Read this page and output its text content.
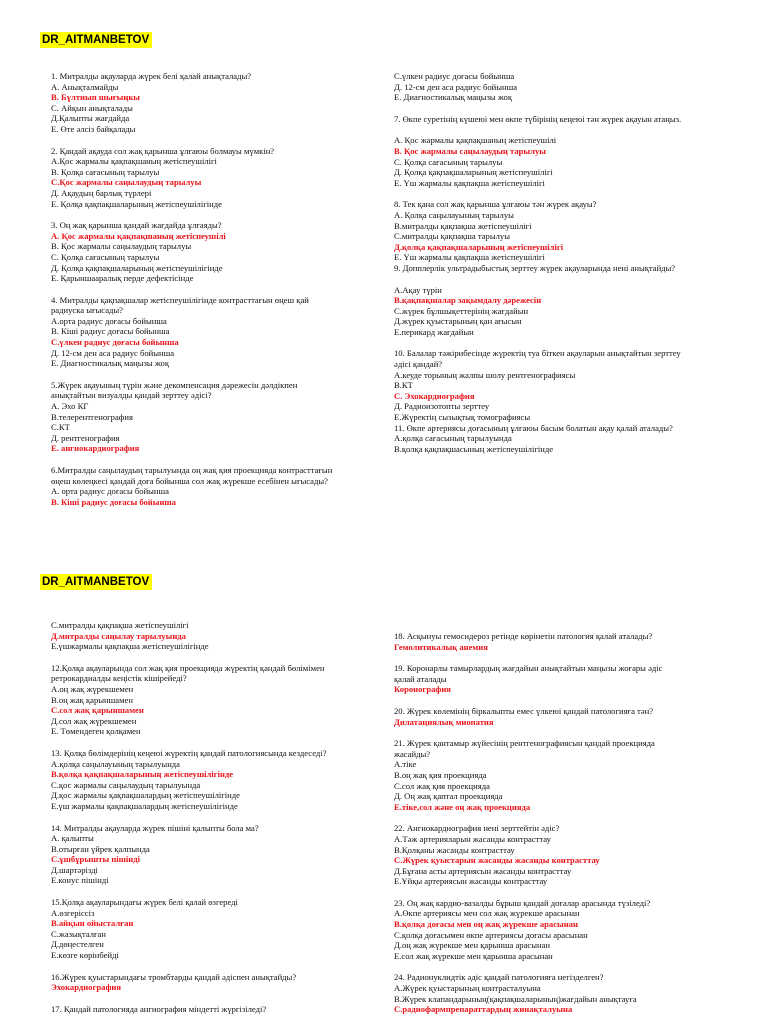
DR_AITMANBETOV
1. Митралды ақауларда жүрек белі қалай анықталады?
A. Анықталмайды
B. Бүлтиып шығыңкы
C. Айқын анықталады
Д.Қалыпты жағдайда
E. Өте әлсіз байқалады
2. Қандай ақауда сол жақ қарынша ұлғаюы болмауы мүмкін?
A.Қос жармалы қақпақшаның жетіспеушілігі
B. Қолқа сағасының тарылуы
C.Қос жармалы саңылаудың тарылуы
Д. Ақаудың барлық түрлері
E. Қолқа қақпақшаларының жетіспеушілігінде
3. Оң жақ қарынша қандай жағдайда ұлғаяды?
A. Қос жармалы қақпақшаның жетіспеушілі
B. Қос жармалы саңылаудың тарылуы
C. Қолқа сағасының тарылуы
Д. Қолқа қақпақшаларының жетіспеушілігінде
E. Қарыншааралық перде дефектісінде
4. Митралды қақпақшалар жетіспеушілігінде контрасттағын өңеш қай
радиуска ығысады?
A.орта радиус доғасы бойынша
B. Кіші радиус доғасы бойынша
C.үлкен радиус доғасы бойынша
Д. 12-см ден аса радиус бойынша
E. Диагностикалық маңызы жоқ
5.Жүрек ақауының түрін және декомпенсация дәрежесін дәлдікпен
анықтайтын визуалды қандай зерттеу әдісі?
A. Эхо КГ
B.телерентгенография
C.КТ
Д. рентгенография
E. ангиокардиография
6.Митралды саңылаудың тарылуында оң жақ қия проекцияда контрасттағын
өңеш көлеңкесі қандай доға бойынша сол жақ жүрекше есебінен ығысады?
A. орта радиус доғасы бойынша
B. Кіші радиус доғасы бойынша
C.үлкен радиус доғасы бойынша
Д. 12-см ден аса радиус бойынша
E. Диагностикалық маңызы жоқ
7. Өкпе суретінің күшеюі мен өкпе түбірінің кеңеюі тән жүрек ақауын атаңыз.
A. Қос жармалы қақпақшаның жетіспеушілі
B. Қос жармалы саңылаудың тарылуы
C. Қолқа сағасының тарылуы
Д. Қолқа қақпақшаларының жетіспеушілігі
E. Үш жармалы қақпақша жетіспеушілігі
8. Тек қана сол жақ қарынша ұлғаюы тән жүрек ақауы?
A. Қолқа саңылауының тарылуы
B.митралды қақпақша жетіспеушілігі
C.митралды қақпақша тарылуы
Д.қолқа қақпақшаларының жетіспеушілігі
E. Үш жармалы қақпақша жетіспеушілігі
9. Допплерлік ультрадыбыстық зерттеу жүрек ақауларында нені анықтайды?
A.Ақау түрін
B.қақпақшалар зақымдалу дәрежесін
C.жүрек бұлшықеттерінің жағдайын
Д.жүрек қуыстарының қан ағысын
E.перикард жағдайын
10. Балалар тәжірибесінде жүректің туа біткен ақауларын анықтайтын зерттеу
әдісі қандай?
A.кеуде торының жалпы шолу рентгенографиясы
B.КТ
C. Эхокардиография
Д. Радиоизотопты зерттеу
E.Жүректің сызықтық томографиясы
11. Өкпе артериясы доғасының ұлғаюы басым болатын ақау қалай аталады?
A.қолқа сағасының тарылуында
B.қолқа қақпақшасының жетіспеушілігінде
DR_AITMANBETOV
C.митралды қақпақша жетіспеушілігі
Д.митралды саңылау тарылуында
E.үшжармалы қақпақша жетіспеушілігінде
12.Қолқа ақауларында сол жақ қия проекцияда жүректің қандай бөлімімен
ретрокардиалды кеңістік кішірейеді?
A.оң жақ жүрекшемен
B.оң жақ қарыншамен
C.сол жақ қарыншамен
Д.сол жақ жүрекшемен
E. Төмендеген қолқамен
13. Қолқа бөлімдерінің кеңеюі жүректің қандай патологиясында кездеседі?
A.қолқа саңылауының тарылуында
B.қолқа қақпақшаларының жетіспеушілігінде
C.қос жармалы саңылаудың тарылуында
Д.қос жармалы қақпақшалардың жетіспеушілігінде
E.үш жармалы қақпақшалардың жетіспеушілігінде
14. Митралды ақауларда жүрек пішіні қалыпты бола ма?
A. қалыпты
B.отырған үйрек қалпында
C.ұшбұрышты пішінді
Д.шартәрізді
E.конус пішінді
15.Қолқа ақауларындағы жүрек белі қалай өзгереді
A.өзгеріссіз
B.айқын ойысталған
C.жазықталған
Д.дөңестелген
E.көзге көрінбейді
16.Жүрек қуыстарындағы тромбтарды қандай әдіспен анықтайды?
Эхокардиография
17. Қандай патологияда ангиография міндетті жүргізіледі?
18. Асқынуы гемосидероз ретінде көрінетін патология қалай аталады?
Гемолитикалық анемия
19. Коронарлы тамырлардың жағдайын анықтайтын маңызы жоғары әдіс
қалай аталады
Коронография
20. Жүрек көлемінің біркалыпты емес үлкеюі қандай патологияға тән?
Дилатациялық миопатия
21. Жүрек қантамыр жүйесінің рентгенографиясын қандай проекцияда
жасайды?
A.тіке
B.оң жақ қия проекцияда
C.сол жақ қия проекцияда
Д. Оң жақ қаптал проекцияда
E.тіке,сол және оң жақ проекцияда
22. Ангиокардиография нені зерттейтін әдіс?
A.Тәж артерияларын жасанды контрасттау
B.Қолқаны жасанды контрасттау
C.Жүрек қуыстарын жасанды жасанды контрасттау
Д.Бұғана асты артериясын жасанды контрасттау
E.Ұйқы артериясын жасанды контрасттау
23. Оң жақ кардио-вазалды бұрыш қандай доғалар арасында түзіледі?
A.Өкпе артериясы мен сол жақ жүрекше арасынан
B.қолқа доғасы мен оң жақ жүрекше арасынан
C.қолқа доғасымен өкпе артериясы доғасы арасынан
Д.оң жақ жүрекше мен қарынша арасынан
E.сол жақ жүрекше мен қарынша арасынан
24. Радионуклидтік әдіс қандай патологияға негізделген?
A.Жүрек қуыстарының контрасталуына
B.Жүрек клапандарының(қақпақшаларының)жағдайын анықтауға
C.радиофармпрепараттардың жинақталуына
